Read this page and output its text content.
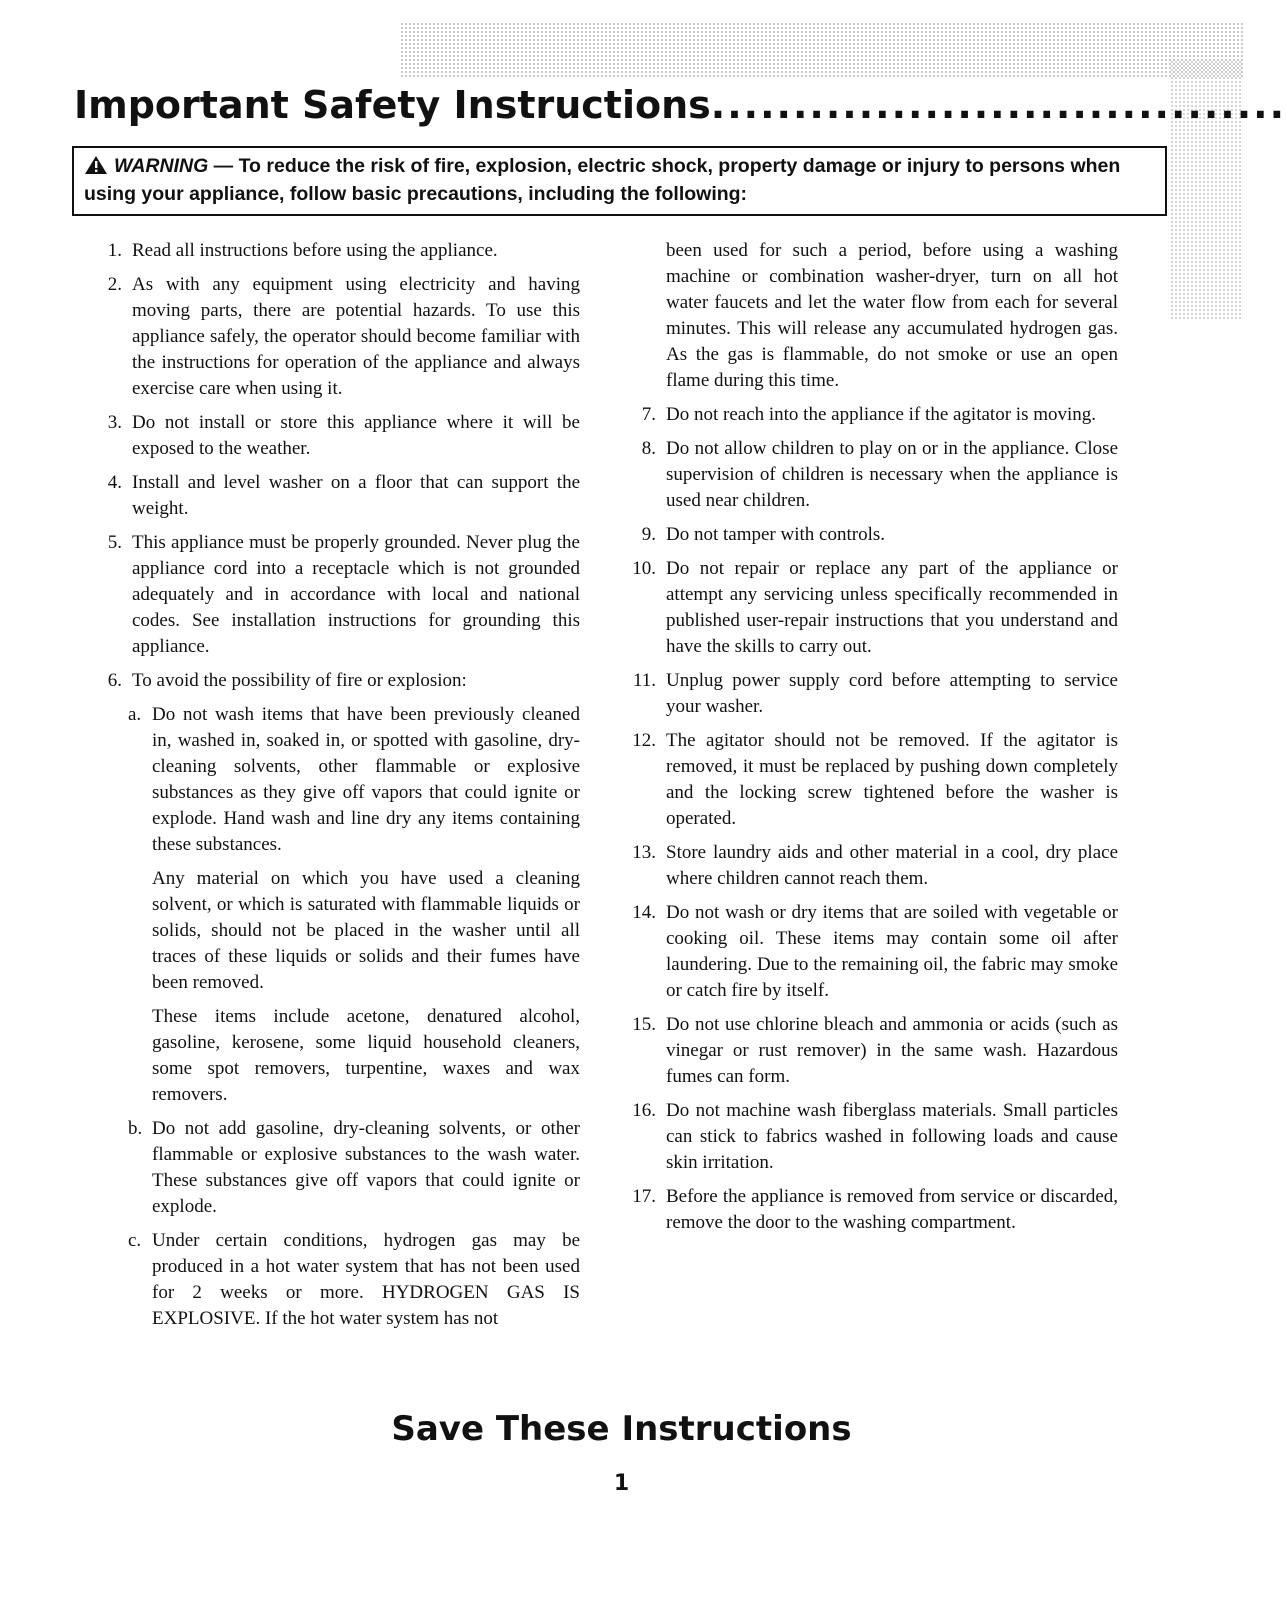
Important Safety Instructions...................................
WARNING — To reduce the risk of fire, explosion, electric shock, property damage or injury to persons when using your appliance, follow basic precautions, including the following:
1. Read all instructions before using the appliance.
2. As with any equipment using electricity and having moving parts, there are potential hazards. To use this appliance safely, the operator should become familiar with the instructions for operation of the appliance and always exercise care when using it.
3. Do not install or store this appliance where it will be exposed to the weather.
4. Install and level washer on a floor that can support the weight.
5. This appliance must be properly grounded. Never plug the appliance cord into a receptacle which is not grounded adequately and in accordance with local and national codes. See installation instructions for grounding this appliance.
6. To avoid the possibility of fire or explosion:
a. Do not wash items that have been previously cleaned in, washed in, soaked in, or spotted with gasoline, dry-cleaning solvents, other flammable or explosive substances as they give off vapors that could ignite or explode. Hand wash and line dry any items containing these substances.
Any material on which you have used a cleaning solvent, or which is saturated with flammable liquids or solids, should not be placed in the washer until all traces of these liquids or solids and their fumes have been removed.
These items include acetone, denatured alcohol, gasoline, kerosene, some liquid household cleaners, some spot removers, turpentine, waxes and wax removers.
b. Do not add gasoline, dry-cleaning solvents, or other flammable or explosive substances to the wash water. These substances give off vapors that could ignite or explode.
c. Under certain conditions, hydrogen gas may be produced in a hot water system that has not been used for 2 weeks or more. HYDROGEN GAS IS EXPLOSIVE. If the hot water system has not
been used for such a period, before using a washing machine or combination washer-dryer, turn on all hot water faucets and let the water flow from each for several minutes. This will release any accumulated hydrogen gas. As the gas is flammable, do not smoke or use an open flame during this time.
7. Do not reach into the appliance if the agitator is moving.
8. Do not allow children to play on or in the appliance. Close supervision of children is necessary when the appliance is used near children.
9. Do not tamper with controls.
10. Do not repair or replace any part of the appliance or attempt any servicing unless specifically recommended in published user-repair instructions that you understand and have the skills to carry out.
11. Unplug power supply cord before attempting to service your washer.
12. The agitator should not be removed. If the agitator is removed, it must be replaced by pushing down completely and the locking screw tightened before the washer is operated.
13. Store laundry aids and other material in a cool, dry place where children cannot reach them.
14. Do not wash or dry items that are soiled with vegetable or cooking oil. These items may contain some oil after laundering. Due to the remaining oil, the fabric may smoke or catch fire by itself.
15. Do not use chlorine bleach and ammonia or acids (such as vinegar or rust remover) in the same wash. Hazardous fumes can form.
16. Do not machine wash fiberglass materials. Small particles can stick to fabrics washed in following loads and cause skin irritation.
17. Before the appliance is removed from service or discarded, remove the door to the washing compartment.
Save These Instructions
1
